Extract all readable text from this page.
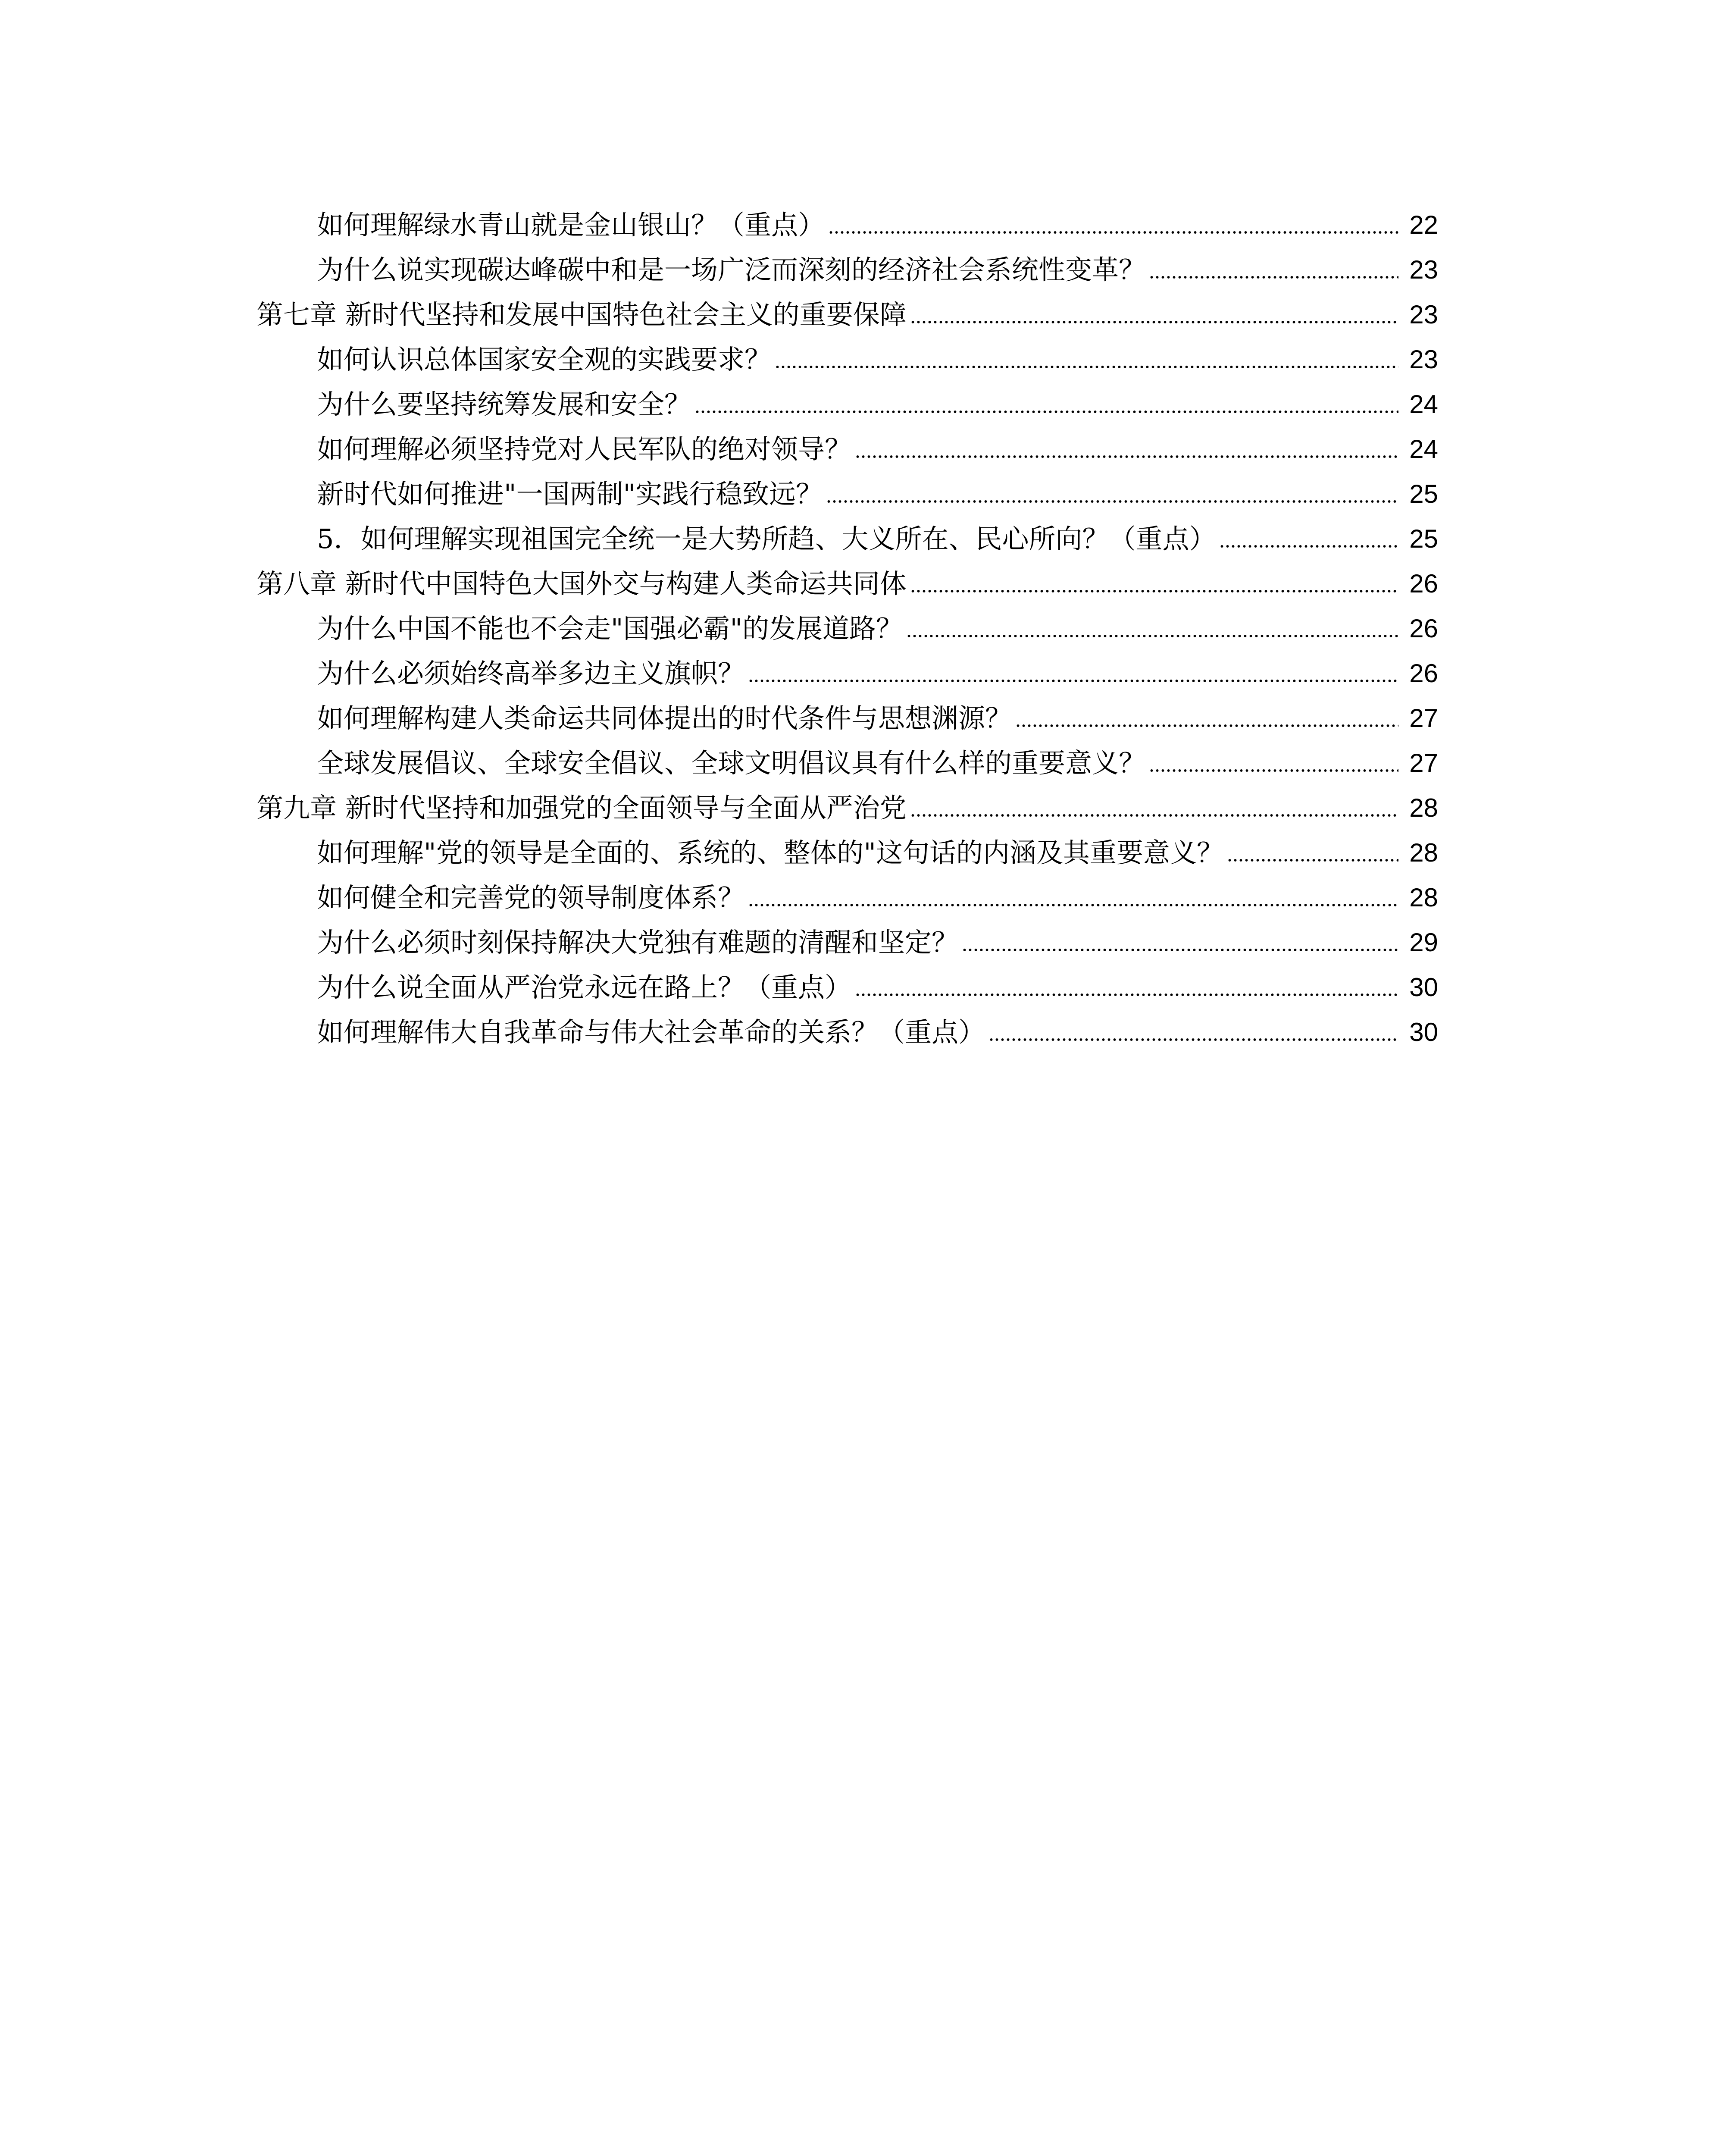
如何理解绿水青山就是金山银山？（重点）	22
为什么说实现碳达峰碳中和是一场广泛而深刻的经济社会系统性变革？	23
第七章 新时代坚持和发展中国特色社会主义的重要保障	23
如何认识总体国家安全观的实践要求？	23
为什么要坚持统筹发展和安全？	24
如何理解必须坚持党对人民军队的绝对领导？	24
新时代如何推进"一国两制"实践行稳致远？	25
5．如何理解实现祖国完全统一是大势所趋、大义所在、民心所向？（重点）	25
第八章 新时代中国特色大国外交与构建人类命运共同体	26
为什么中国不能也不会走"国强必霸"的发展道路？	26
为什么必须始终高举多边主义旗帜？	26
如何理解构建人类命运共同体提出的时代条件与思想渊源？	27
全球发展倡议、全球安全倡议、全球文明倡议具有什么样的重要意义？	27
第九章 新时代坚持和加强党的全面领导与全面从严治党	28
如何理解"党的领导是全面的、系统的、整体的"这句话的内涵及其重要意义？	28
如何健全和完善党的领导制度体系？	28
为什么必须时刻保持解决大党独有难题的清醒和坚定？	29
为什么说全面从严治党永远在路上？（重点）	30
如何理解伟大自我革命与伟大社会革命的关系？（重点）	30
